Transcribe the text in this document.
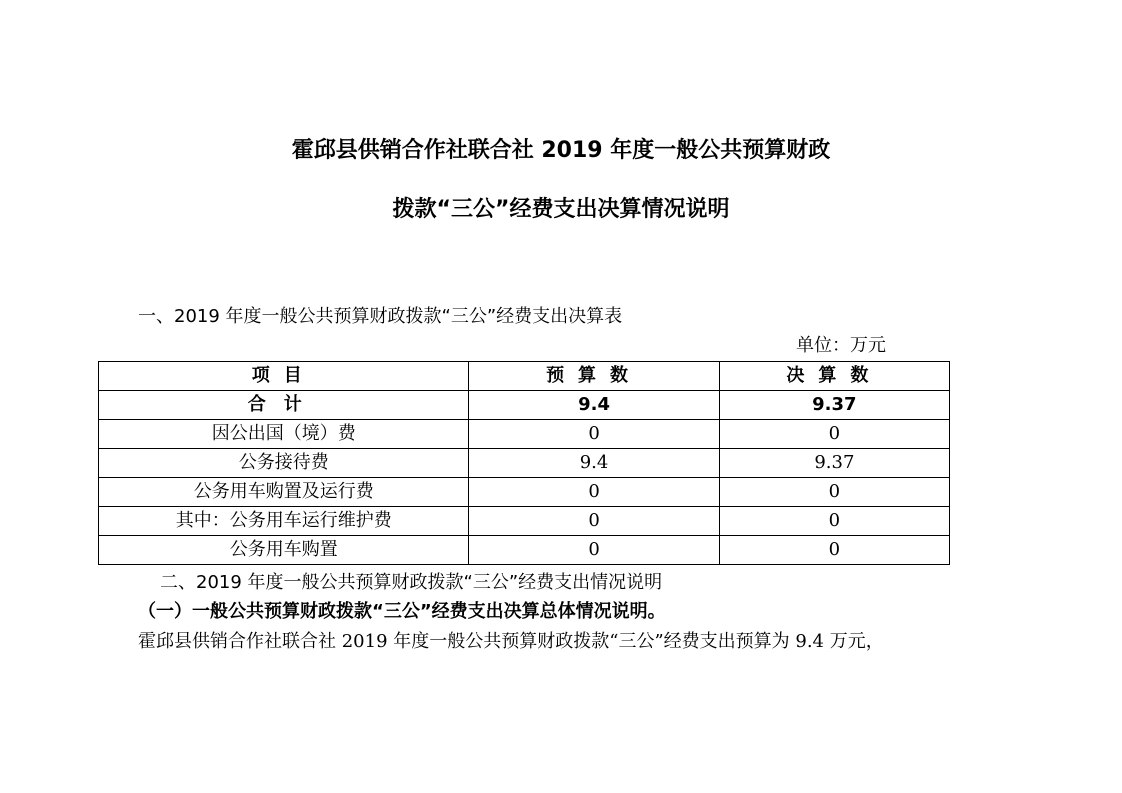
霍邱县供销合作社联合社 2019 年度一般公共预算财政
拨款“三公”经费支出决算情况说明
一、2019 年度一般公共预算财政拨款“三公”经费支出决算表
单位：万元
项目	预算数	决算数
合计	9.4	9.37
因公出国（境）费	0	0
公务接待费	9.4	9.37
公务用车购置及运行费	0	0
其中：公务用车运行维护费	0	0
公务用车购置	0	0
二、2019 年度一般公共预算财政拨款“三公”经费支出情况说明
（一）一般公共预算财政拨款“三公”经费支出决算总体情况说明。
霍邱县供销合作社联合社 2019 年度一般公共预算财政拨款“三公”经费支出预算为 9.4 万元，
